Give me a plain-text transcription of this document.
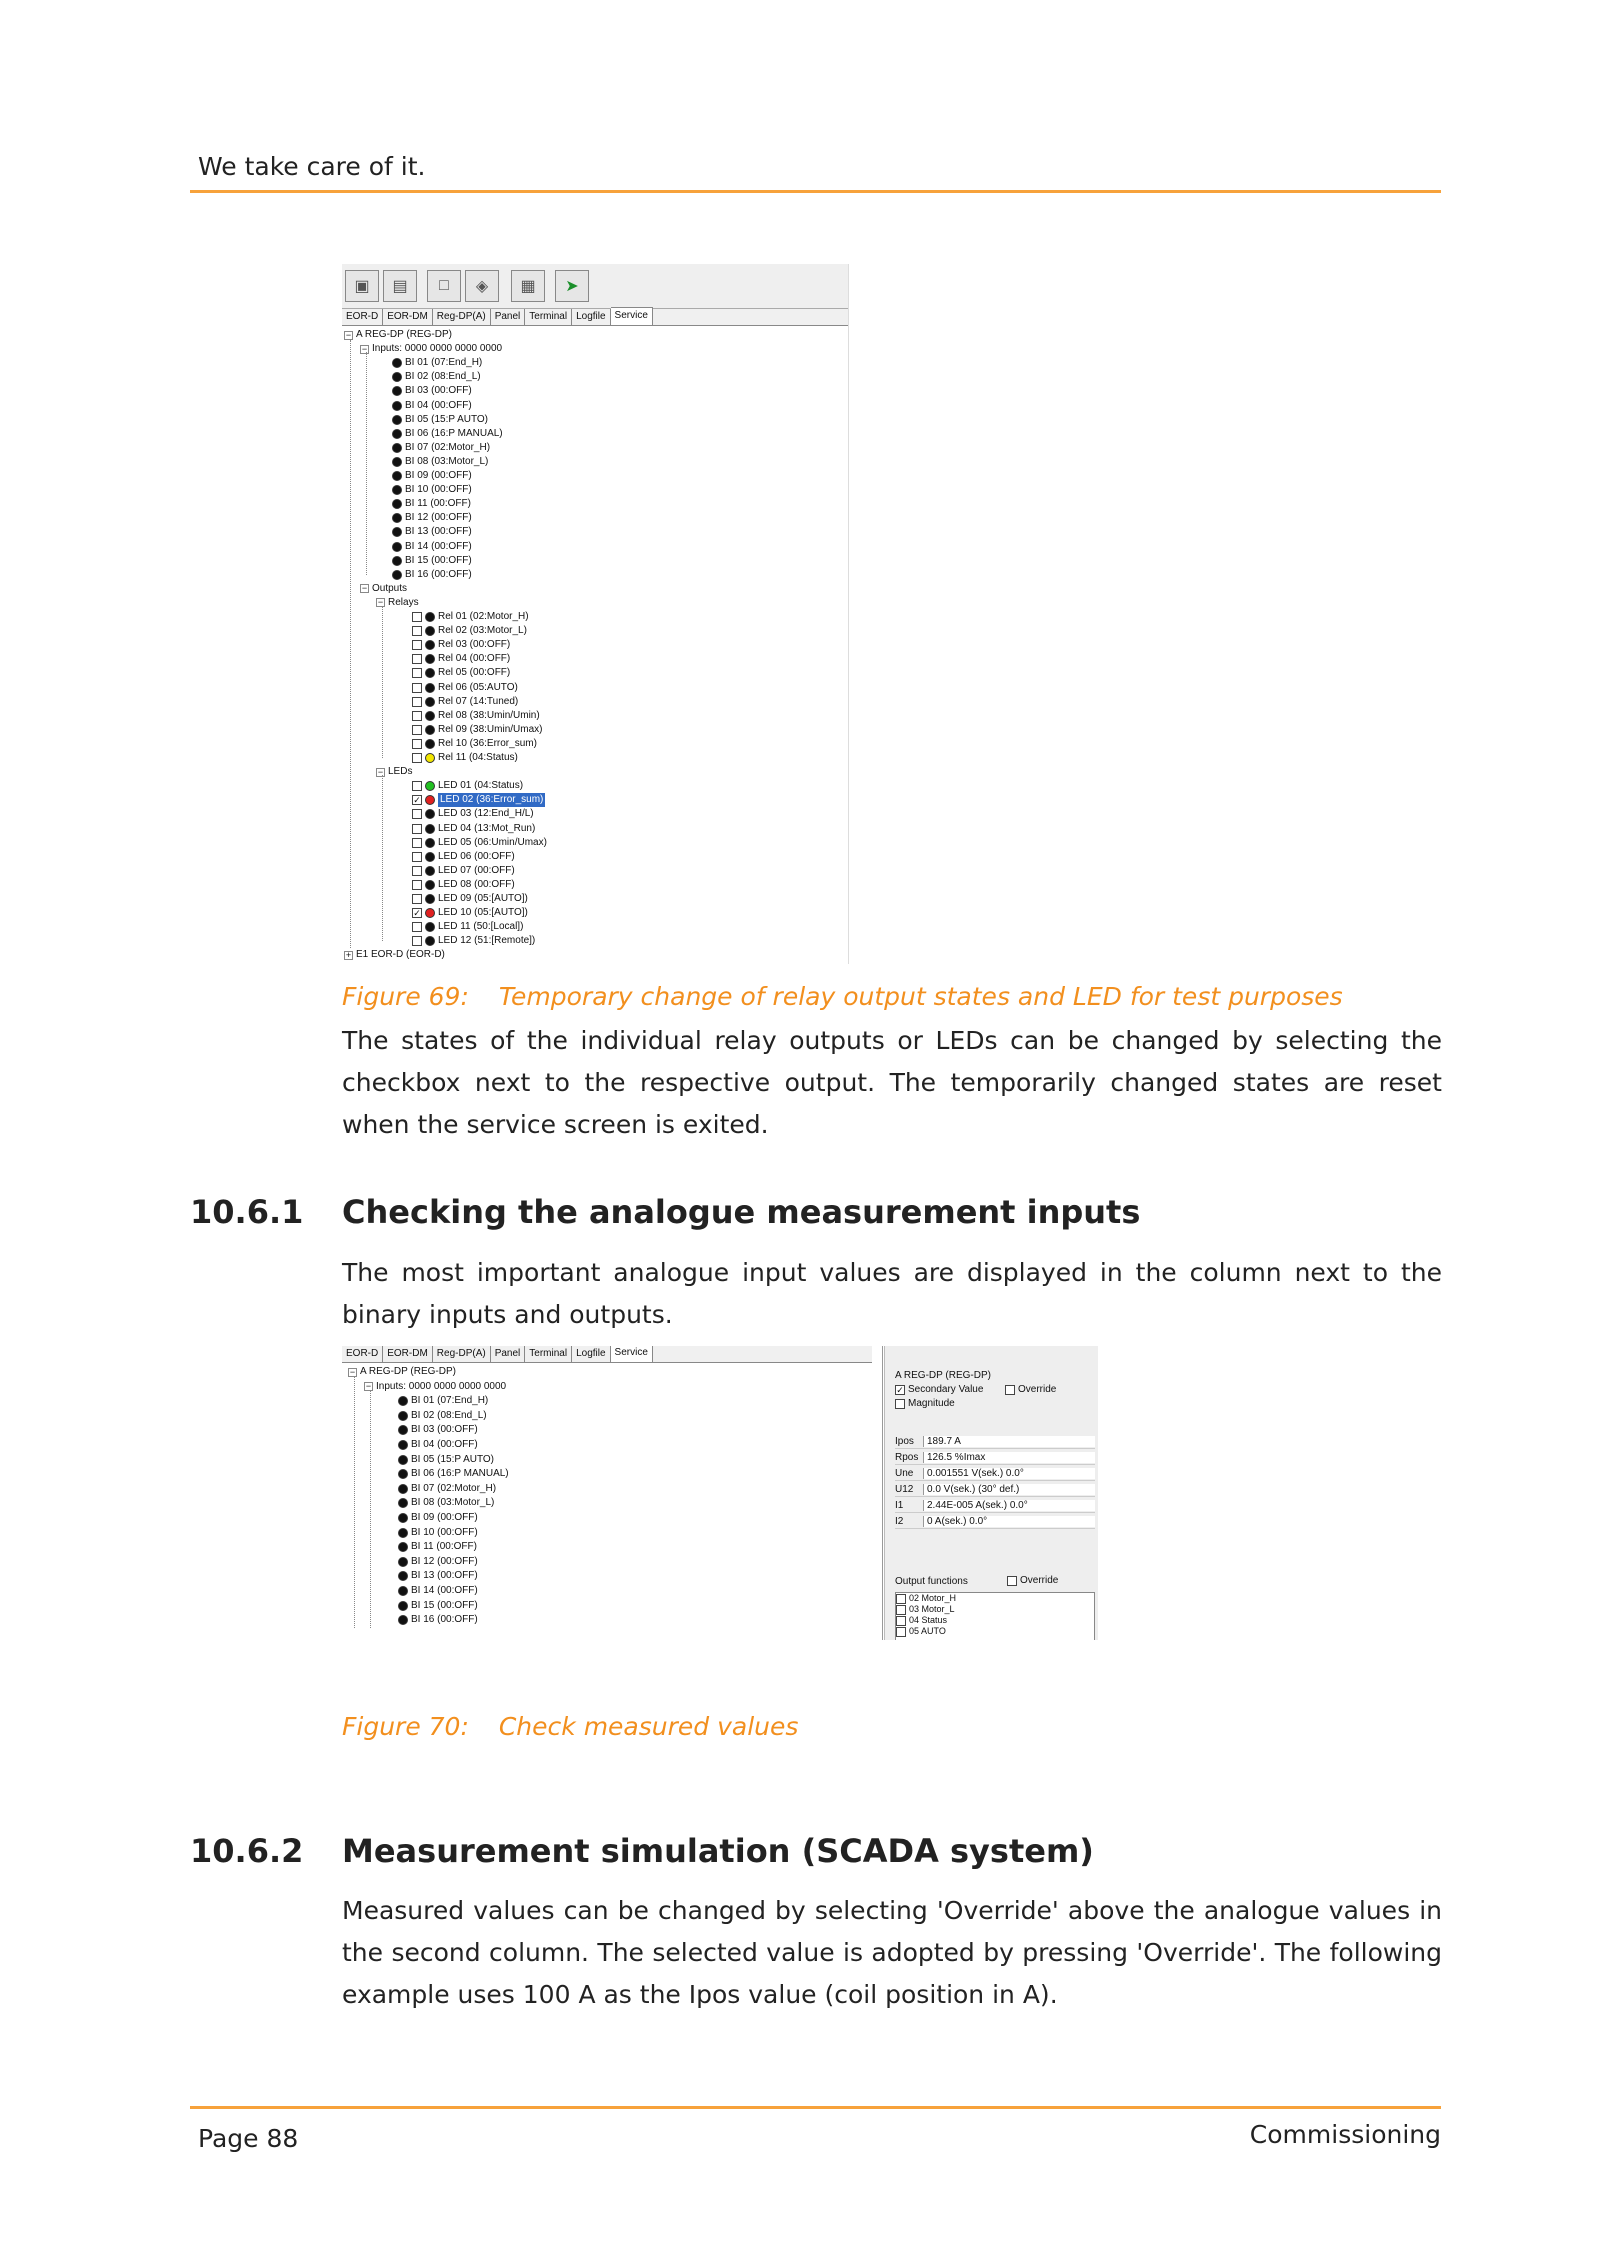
We take care of it.
▣	▤	□	◈	▦	➤
EOR-D EOR-DM Reg-DP(A) Panel Terminal Logfile Service
− A REG-DP (REG-DP)
− Inputs: 0000 0000 0000 0000
BI 01 (07:End_H)
BI 02 (08:End_L)
BI 03 (00:OFF)
BI 04 (00:OFF)
BI 05 (15:P AUTO)
BI 06 (16:P MANUAL)
BI 07 (02:Motor_H)
BI 08 (03:Motor_L)
BI 09 (00:OFF)
BI 10 (00:OFF)
BI 11 (00:OFF)
BI 12 (00:OFF)
BI 13 (00:OFF)
BI 14 (00:OFF)
BI 15 (00:OFF)
BI 16 (00:OFF)
− Outputs
− Relays
Rel 01 (02:Motor_H)
Rel 02 (03:Motor_L)
Rel 03 (00:OFF)
Rel 04 (00:OFF)
Rel 05 (00:OFF)
Rel 06 (05:AUTO)
Rel 07 (14:Tuned)
Rel 08 (38:Umin/Umin)
Rel 09 (38:Umin/Umax)
Rel 10 (36:Error_sum)
Rel 11 (04:Status)
− LEDs
LED 01 (04:Status)
✓ LED 02 (36:Error_sum)
LED 03 (12:End_H/L)
LED 04 (13:Mot_Run)
LED 05 (06:Umin/Umax)
LED 06 (00:OFF)
LED 07 (00:OFF)
LED 08 (00:OFF)
LED 09 (05:[AUTO])
✓ LED 10 (05:[AUTO])
LED 11 (50:[Local])
LED 12 (51:[Remote])
+ E1 EOR-D (EOR-D)
Figure 69: Temporary change of relay output states and LED for test purposes
The states of the individual relay outputs or LEDs can be changed by selecting the checkbox next to the respective output. The temporarily changed states are reset when the service screen is exited.
10.6.1 Checking the analogue measurement inputs
The most important analogue input values are displayed in the column next to the binary inputs and outputs.
EOR-D EOR-DM Reg-DP(A) Panel Terminal Logfile Service
− A REG-DP (REG-DP)
− Inputs: 0000 0000 0000 0000
BI 01 (07:End_H)
BI 02 (08:End_L)
BI 03 (00:OFF)
BI 04 (00:OFF)
BI 05 (15:P AUTO)
BI 06 (16:P MANUAL)
BI 07 (02:Motor_H)
BI 08 (03:Motor_L)
BI 09 (00:OFF)
BI 10 (00:OFF)
BI 11 (00:OFF)
BI 12 (00:OFF)
BI 13 (00:OFF)
BI 14 (00:OFF)
BI 15 (00:OFF)
BI 16 (00:OFF)
A REG-DP (REG-DP)
✓ Secondary Value	Override
Magnitude
Ipos	189.7 A
Rpos 126.5 %Imax
Une	0.001551 V(sek.) 0.0°
U12	0.0 V(sek.) (30° def.)
I1	2.44E-005 A(sek.) 0.0°
I2	0 A(sek.) 0.0°
Output functions	Override
02 Motor_H
03 Motor_L
04 Status
05 AUTO
Figure 70: Check measured values
10.6.2 Measurement simulation (SCADA system)
Measured values can be changed by selecting 'Override' above the analogue values in the second column. The selected value is adopted by pressing 'Override'. The following example uses 100 A as the Ipos value (coil position in A).
Page 88	Commissioning
